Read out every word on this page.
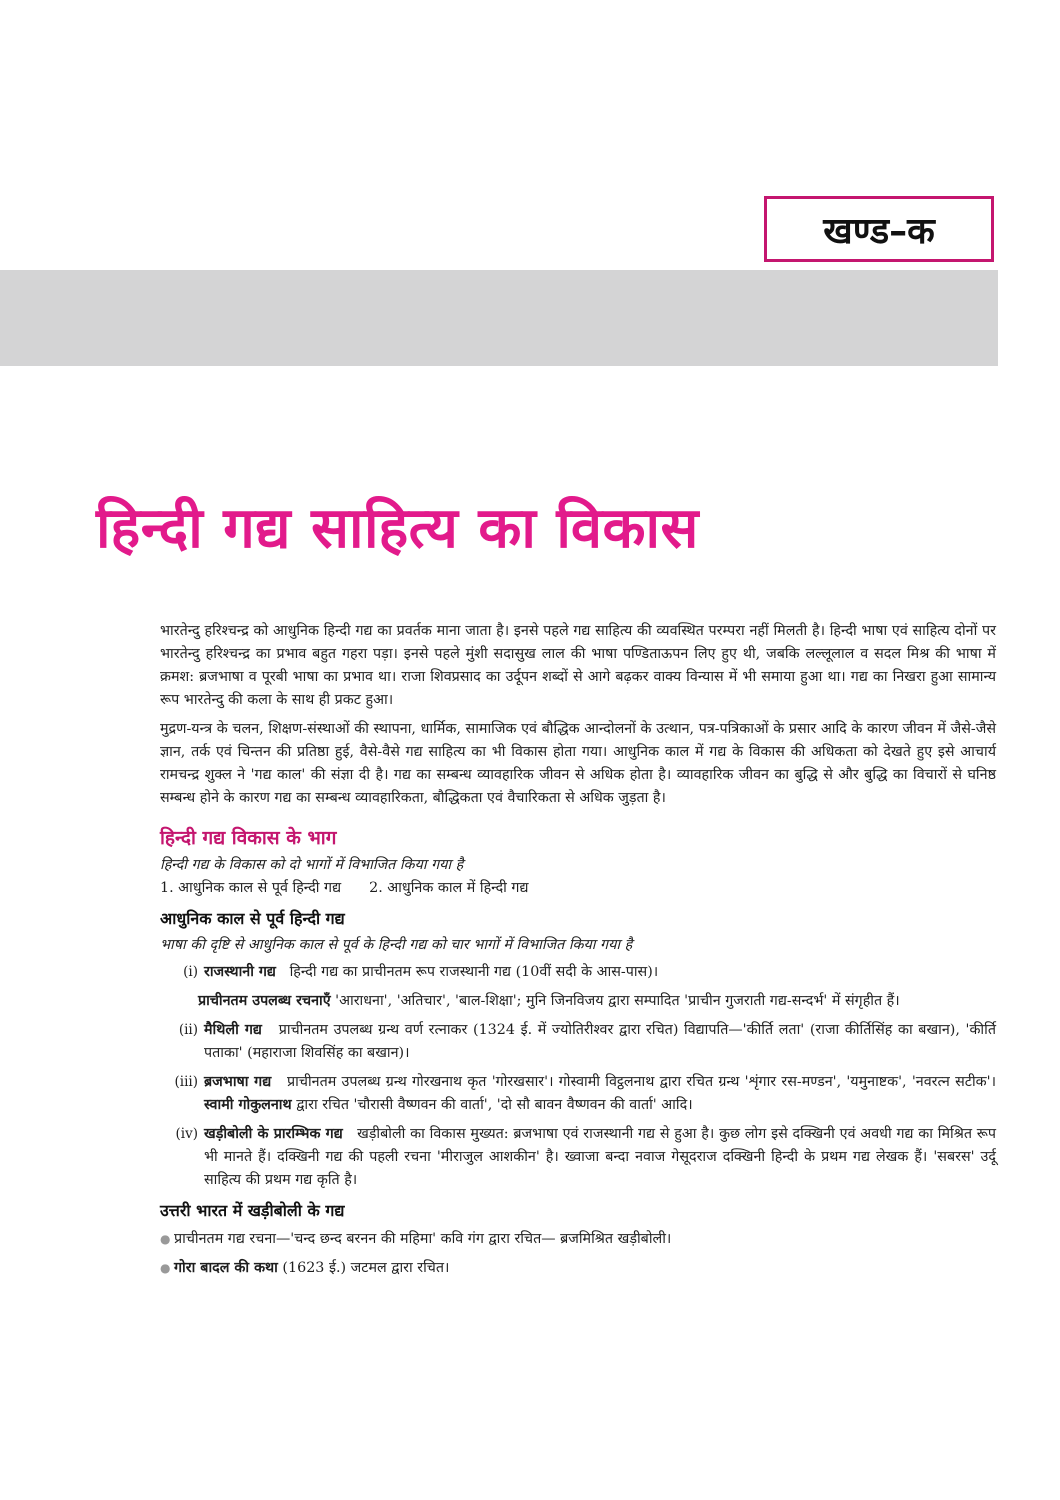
खण्ड–क
हिन्दी गद्य साहित्य का विकास

भारतेन्दु हरिश्चन्द्र को आधुनिक हिन्दी गद्य का प्रवर्तक माना जाता है। इनसे पहले गद्य साहित्य की व्यवस्थित परम्परा नहीं मिलती है। हिन्दी भाषा एवं साहित्य दोनों पर भारतेन्दु हरिश्चन्द्र का प्रभाव बहुत गहरा पड़ा। इनसे पहले मुंशी सदासुख लाल की भाषा पण्डिताऊपन लिए हुए थी, जबकि लल्लूलाल व सदल मिश्र की भाषा में क्रमश: ब्रजभाषा व पूरबी भाषा का प्रभाव था। राजा शिवप्रसाद का उर्दूपन शब्दों से आगे बढ़कर वाक्य विन्यास में भी समाया हुआ था। गद्य का निखरा हुआ सामान्य रूप भारतेन्दु की कला के साथ ही प्रकट हुआ।

मुद्रण-यन्त्र के चलन, शिक्षण-संस्थाओं की स्थापना, धार्मिक, सामाजिक एवं बौद्धिक आन्दोलनों के उत्थान, पत्र-पत्रिकाओं के प्रसार आदि के कारण जीवन में जैसे-जैसे ज्ञान, तर्क एवं चिन्तन की प्रतिष्ठा हुई, वैसे-वैसे गद्य साहित्य का भी विकास होता गया। आधुनिक काल में गद्य के विकास की अधिकता को देखते हुए इसे आचार्य रामचन्द्र शुक्ल ने 'गद्य काल' की संज्ञा दी है। गद्य का सम्बन्ध व्यावहारिक जीवन से अधिक होता है। व्यावहारिक जीवन का बुद्धि से और बुद्धि का विचारों से घनिष्ठ सम्बन्ध होने के कारण गद्य का सम्बन्ध व्यावहारिकता, बौद्धिकता एवं वैचारिकता से अधिक जुड़ता है।

हिन्दी गद्य विकास के भाग
हिन्दी गद्य के विकास को दो भागों में विभाजित किया गया है
1. आधुनिक काल से पूर्व हिन्दी गद्य 2. आधुनिक काल में हिन्दी गद्य
आधुनिक काल से पूर्व हिन्दी गद्य
भाषा की दृष्टि से आधुनिक काल से पूर्व के हिन्दी गद्य को चार भागों में विभाजित किया गया है
(i) राजस्थानी गद्य हिन्दी गद्य का प्राचीनतम रूप राजस्थानी गद्य (10वीं सदी के आस-पास)।
प्राचीनतम उपलब्ध रचनाएँ 'आराधना', 'अतिचार', 'बाल-शिक्षा'; मुनि जिनविजय द्वारा सम्पादित 'प्राचीन गुजराती गद्य-सन्दर्भ' में संगृहीत हैं।
(ii) मैथिली गद्य प्राचीनतम उपलब्ध ग्रन्थ वर्ण रत्नाकर (1324 ई. में ज्योतिरीश्वर द्वारा रचित) विद्यापति—'कीर्ति लता' (राजा कीर्तिसिंह का बखान), 'कीर्ति पताका' (महाराजा शिवसिंह का बखान)।
(iii) ब्रजभाषा गद्य प्राचीनतम उपलब्ध ग्रन्थ गोरखनाथ कृत 'गोरखसार'। गोस्वामी विट्ठलनाथ द्वारा रचित ग्रन्थ 'शृंगार रस-मण्डन', 'यमुनाष्टक', 'नवरत्न सटीक'। स्वामी गोकुलनाथ द्वारा रचित 'चौरासी वैष्णवन की वार्ता', 'दो सौ बावन वैष्णवन की वार्ता' आदि।
(iv) खड़ीबोली के प्रारम्भिक गद्य खड़ीबोली का विकास मुख्यत: ब्रजभाषा एवं राजस्थानी गद्य से हुआ है। कुछ लोग इसे दक्खिनी एवं अवधी गद्य का मिश्रित रूप भी मानते हैं। दक्खिनी गद्य की पहली रचना 'मीराजुल आशकीन' है। ख्वाजा बन्दा नवाज गेसूदराज दक्खिनी हिन्दी के प्रथम गद्य लेखक हैं। 'सबरस' उर्दू साहित्य की प्रथम गद्य कृति है।
उत्तरी भारत में खड़ीबोली के गद्य
● प्राचीनतम गद्य रचना—'चन्द छन्द बरनन की महिमा' कवि गंग द्वारा रचित— ब्रजमिश्रित खड़ीबोली।
● गोरा बादल की कथा (1623 ई.) जटमल द्वारा रचित।
